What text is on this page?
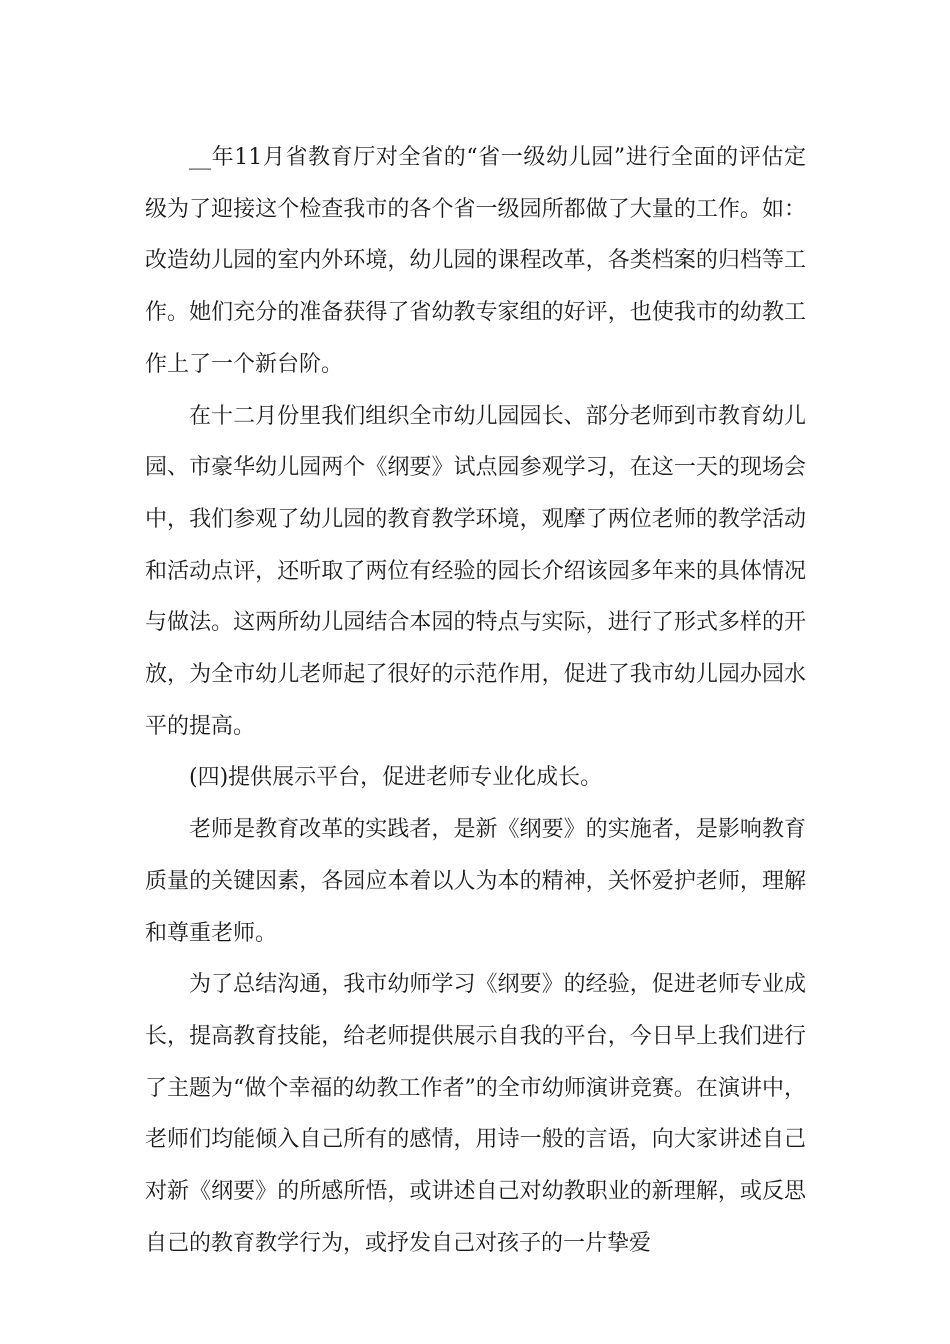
__年11月省教育厅对全省的“省一级幼儿园”进行全面的评估定级为了迎接这个检查我市的各个省一级园所都做了大量的工作。如：改造幼儿园的室内外环境，幼儿园的课程改革，各类档案的归档等工作。她们充分的准备获得了省幼教专家组的好评，也使我市的幼教工作上了一个新台阶。

在十二月份里我们组织全市幼儿园园长、部分老师到市教育幼儿园、市豪华幼儿园两个《纲要》试点园参观学习，在这一天的现场会中，我们参观了幼儿园的教育教学环境，观摩了两位老师的教学活动和活动点评，还听取了两位有经验的园长介绍该园多年来的具体情况与做法。这两所幼儿园结合本园的特点与实际，进行了形式多样的开放，为全市幼儿老师起了很好的示范作用，促进了我市幼儿园办园水平的提高。

(四)提供展示平台，促进老师专业化成长。

老师是教育改革的实践者，是新《纲要》的实施者，是影响教育质量的关键因素，各园应本着以人为本的精神，关怀爱护老师，理解和尊重老师。

为了总结沟通，我市幼师学习《纲要》的经验，促进老师专业成长，提高教育技能，给老师提供展示自我的平台，今日早上我们进行了主题为“做个幸福的幼教工作者”的全市幼师演讲竞赛。在演讲中，老师们均能倾入自己所有的感情，用诗一般的言语，向大家讲述自己对新《纲要》的所感所悟，或讲述自己对幼教职业的新理解，或反思自己的教育教学行为，或抒发自己对孩子的一片挚爱
